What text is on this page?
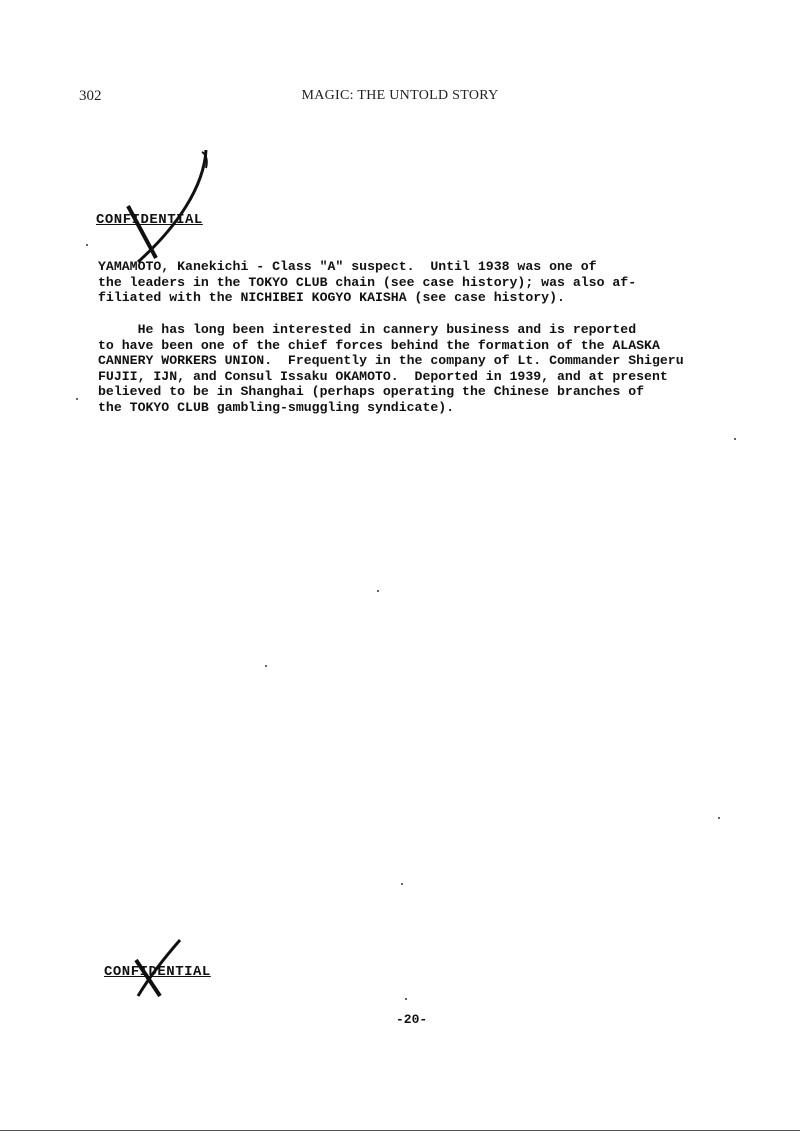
302	MAGIC: THE UNTOLD STORY
CONFIDENTIAL
YAMAMOTO, Kanekichi - Class "A" suspect.  Until 1938 was one of
the leaders in the TOKYO CLUB chain (see case history); was also af-
filiated with the NICHIBEI KOGYO KAISHA (see case history).
He has long been interested in cannery business and is reported
to have been one of the chief forces behind the formation of the ALASKA
CANNERY WORKERS UNION.  Frequently in the company of Lt. Commander Shigeru
FUJII, IJN, and Consul Issaku OKAMOTO.  Deported in 1939, and at present
believed to be in Shanghai (perhaps operating the Chinese branches of
the TOKYO CLUB gambling-smuggling syndicate).
CONFIDENTIAL
-20-
